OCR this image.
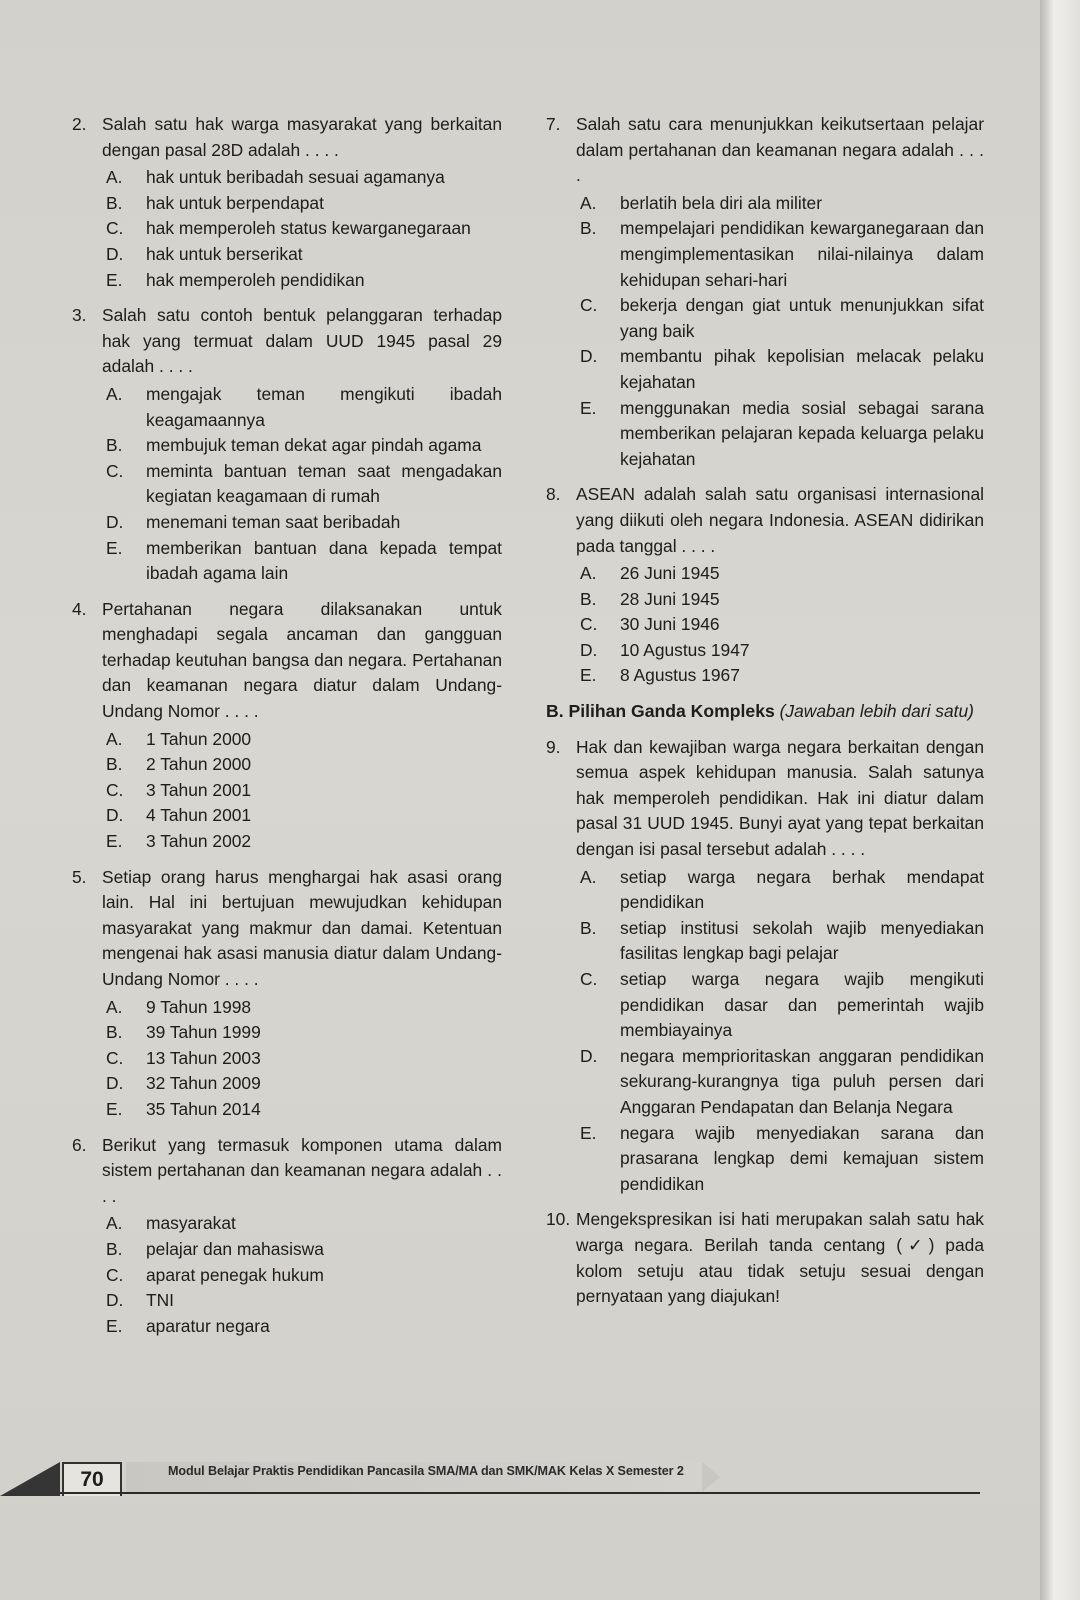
2. Salah satu hak warga masyarakat yang berkaitan dengan pasal 28D adalah . . . .
A.	hak untuk beribadah sesuai agamanya
B.	hak untuk berpendapat
C.	hak memperoleh status kewarganegaraan
D.	hak untuk berserikat
E.	hak memperoleh pendidikan
3. Salah satu contoh bentuk pelanggaran terhadap hak yang termuat dalam UUD 1945 pasal 29 adalah . . . .
A.	mengajak teman mengikuti ibadah keagamaannya
B.	membujuk teman dekat agar pindah agama
C.	meminta bantuan teman saat mengadakan kegiatan keagamaan di rumah
D.	menemani teman saat beribadah
E.	memberikan bantuan dana kepada tempat ibadah agama lain
4. Pertahanan negara dilaksanakan untuk menghadapi segala ancaman dan gangguan terhadap keutuhan bangsa dan negara. Pertahanan dan keamanan negara diatur dalam Undang-Undang Nomor . . . .
A.	1 Tahun 2000
B.	2 Tahun 2000
C.	3 Tahun 2001
D.	4 Tahun 2001
E.	3 Tahun 2002
5. Setiap orang harus menghargai hak asasi orang lain. Hal ini bertujuan mewujudkan kehidupan masyarakat yang makmur dan damai. Ketentuan mengenai hak asasi manusia diatur dalam Undang-Undang Nomor . . . .
A.	9 Tahun 1998
B.	39 Tahun 1999
C.	13 Tahun 2003
D.	32 Tahun 2009
E.	35 Tahun 2014
6. Berikut yang termasuk komponen utama dalam sistem pertahanan dan keamanan negara adalah . . . .
A.	masyarakat
B.	pelajar dan mahasiswa
C.	aparat penegak hukum
D.	TNI
E.	aparatur negara
7. Salah satu cara menunjukkan keikutsertaan pelajar dalam pertahanan dan keamanan negara adalah . . . .
A.	berlatih bela diri ala militer
B.	mempelajari pendidikan kewarganegaraan dan mengimplementasikan nilai-nilainya dalam kehidupan sehari-hari
C.	bekerja dengan giat untuk menunjukkan sifat yang baik
D.	membantu pihak kepolisian melacak pelaku kejahatan
E.	menggunakan media sosial sebagai sarana memberikan pelajaran kepada keluarga pelaku kejahatan
8. ASEAN adalah salah satu organisasi internasional yang diikuti oleh negara Indonesia. ASEAN didirikan pada tanggal . . . .
A.	26 Juni 1945
B.	28 Juni 1945
C.	30 Juni 1946
D.	10 Agustus 1947
E.	8 Agustus 1967
B. Pilihan Ganda Kompleks (Jawaban lebih dari satu)
9. Hak dan kewajiban warga negara berkaitan dengan semua aspek kehidupan manusia. Salah satunya hak memperoleh pendidikan. Hak ini diatur dalam pasal 31 UUD 1945. Bunyi ayat yang tepat berkaitan dengan isi pasal tersebut adalah . . . .
A.	setiap warga negara berhak mendapat pendidikan
B.	setiap institusi sekolah wajib menyediakan fasilitas lengkap bagi pelajar
C.	setiap warga negara wajib mengikuti pendidikan dasar dan pemerintah wajib membiayainya
D.	negara memprioritaskan anggaran pendidikan sekurang-kurangnya tiga puluh persen dari Anggaran Pendapatan dan Belanja Negara
E.	negara wajib menyediakan sarana dan prasarana lengkap demi kemajuan sistem pendidikan
10. Mengekspresikan isi hati merupakan salah satu hak warga negara. Berilah tanda centang (✓) pada kolom setuju atau tidak setuju sesuai dengan pernyataan yang diajukan!
70	Modul Belajar Praktis Pendidikan Pancasila SMA/MA dan SMK/MAK Kelas X Semester 2
